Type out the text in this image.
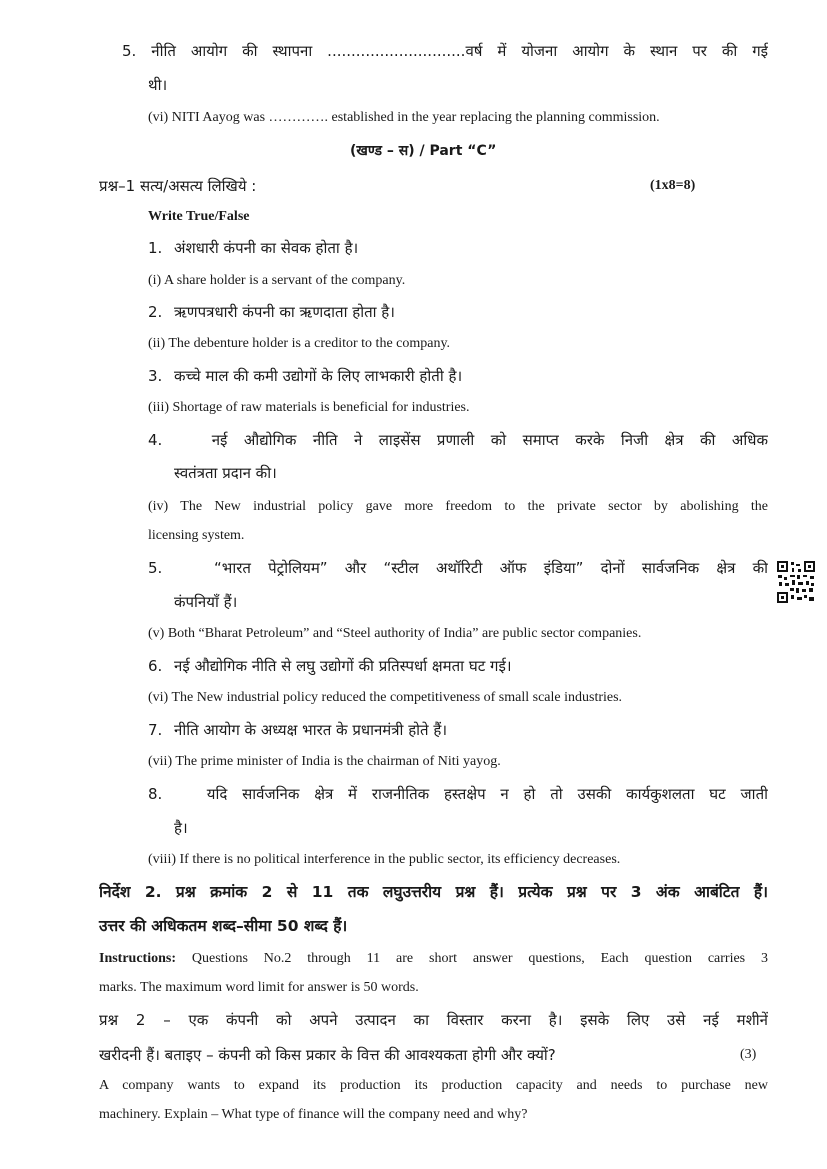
5. नीति आयोग की स्थापना .............................वर्ष में योजना आयोग के स्थान पर की गई
थी।
(vi) NITI Aayog was …………. established in the year replacing the planning commission.
(खण्ड – स) / Part “C”
प्रश्न–1 सत्य/असत्य लिखिये :	(1x8=8)
Write True/False
1. अंशधारी कंपनी का सेवक होता है।
(i) A share holder is a servant of the company.
2. ऋणपत्रधारी कंपनी का ऋणदाता होता है।
(ii) The debenture holder is a creditor to the company.
3. कच्चे माल की कमी उद्योगों के लिए लाभकारी होती है।
(iii) Shortage of raw materials is beneficial for industries.
4.	नई औद्योगिक नीति ने लाइसेंस प्रणाली को समाप्त करके निजी क्षेत्र की अधिक
स्वतंत्रता प्रदान की।
(iv) The New industrial policy gave more freedom to the private sector by abolishing the
licensing system.
5.	“भारत पेट्रोलियम” और “स्टील अथॉरिटी ऑफ इंडिया” दोनों सार्वजनिक क्षेत्र की
कंपनियाँ हैं।
(v) Both “Bharat Petroleum” and “Steel authority of India” are public sector companies.
6. नई औद्योगिक नीति से लघु उद्योगों की प्रतिस्पर्धा क्षमता घट गई।
(vi) The New industrial policy reduced the competitiveness of small scale industries.
7. नीति आयोग के अध्यक्ष भारत के प्रधानमंत्री होते हैं।
(vii) The prime minister of India is the chairman of Niti yayog.
8.	यदि सार्वजनिक क्षेत्र में राजनीतिक हस्तक्षेप न हो तो उसकी कार्यकुशलता घट जाती
है।
(viii) If there is no political interference in the public sector, its efficiency decreases.
निर्देश 2. प्रश्न क्रमांक 2 से 11 तक लघुउत्तरीय प्रश्न हैं। प्रत्येक प्रश्न पर 3 अंक आबंटित हैं।
उत्तर की अधिकतम शब्द–सीमा 50 शब्द हैं।
Instructions: Questions No.2 through 11 are short answer questions, Each question carries 3
marks. The maximum word limit for answer is 50 words.
प्रश्न 2 – एक कंपनी को अपने उत्पादन का विस्तार करना है। इसके लिए उसे नई मशीनें
खरीदनी हैं। बताइए – कंपनी को किस प्रकार के वित्त की आवश्यकता होगी और क्यों?	(3)
A company wants to expand its production its production capacity and needs to purchase new
machinery. Explain – What type of finance will the company need and why?
